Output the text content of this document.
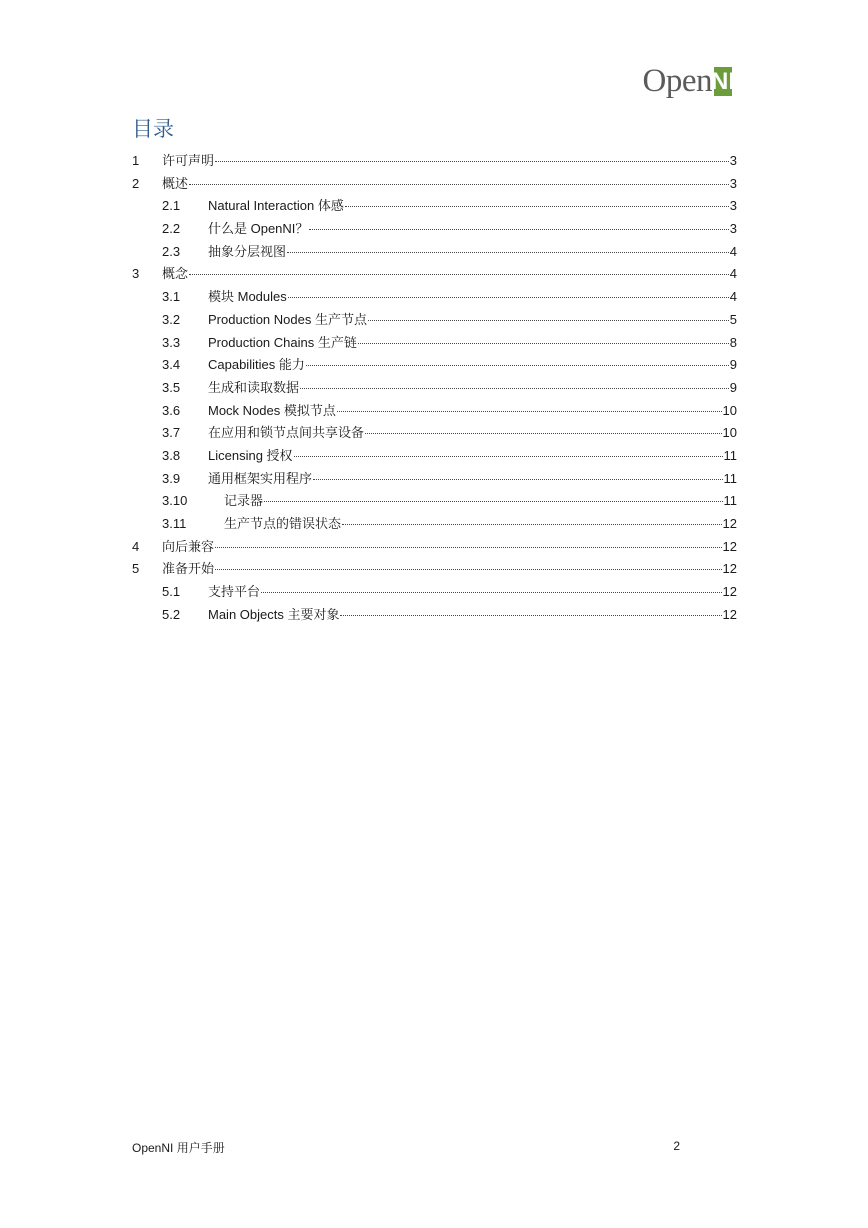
Open NI
目录
1	许可声明	3
2	概述	3
2.1	Natural Interaction 体感	3
2.2	什么是 OpenNI？	3
2.3	抽象分层视图	4
3	概念	4
3.1	模块 Modules	4
3.2	Production Nodes 生产节点	5
3.3	Production Chains 生产链	8
3.4	Capabilities 能力	9
3.5	生成和读取数据	9
3.6	Mock Nodes 模拟节点	10
3.7	在应用和锁节点间共享设备	10
3.8	Licensing 授权	11
3.9	通用框架实用程序	11
3.10	记录器	11
3.11	生产节点的错误状态	12
4	向后兼容	12
5	准备开始	12
5.1	支持平台	12
5.2	Main Objects 主要对象	12
OpenNI 用户手册	2
